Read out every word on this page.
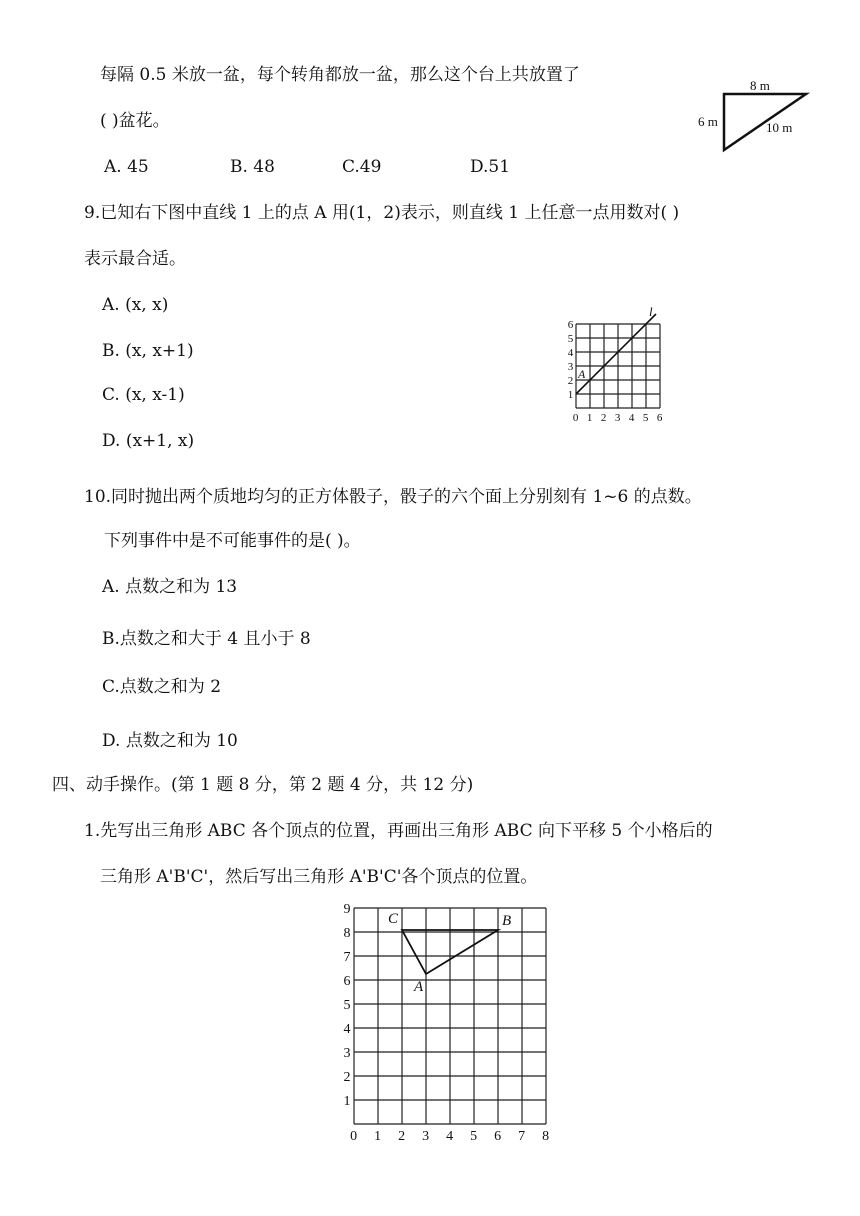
每隔 0.5 米放一盆，每个转角都放一盆，那么这个台上共放置了
( )盆花。
A. 45	B. 48	C.49	D.51
8 m
6 m	10 m
9.已知右下图中直线 1 上的点 A 用(1，2)表示，则直线 1 上任意一点用数对( )
表示最合适。
A. (x, x)
B. (x, x+1)
C. (x, x-1)
D. (x+1, x)
l
A
0 1 2 3 4 5 6
1
2
3
4
5
6
10.同时抛出两个质地均匀的正方体骰子，骰子的六个面上分别刻有 1~6 的点数。
下列事件中是不可能事件的是( )。
A. 点数之和为 13
B.点数之和大于 4 且小于 8
C.点数之和为 2
D. 点数之和为 10
四、动手操作。(第 1 题 8 分，第 2 题 4 分，共 12 分)
1.先写出三角形 ABC 各个顶点的位置，再画出三角形 ABC 向下平移 5 个小格后的
三角形 A'B'C'，然后写出三角形 A'B'C'各个顶点的位置。
C	B
A
0 1 2 3 4 5 6 7 8
1
2
3
4
5
6
7
8
9
